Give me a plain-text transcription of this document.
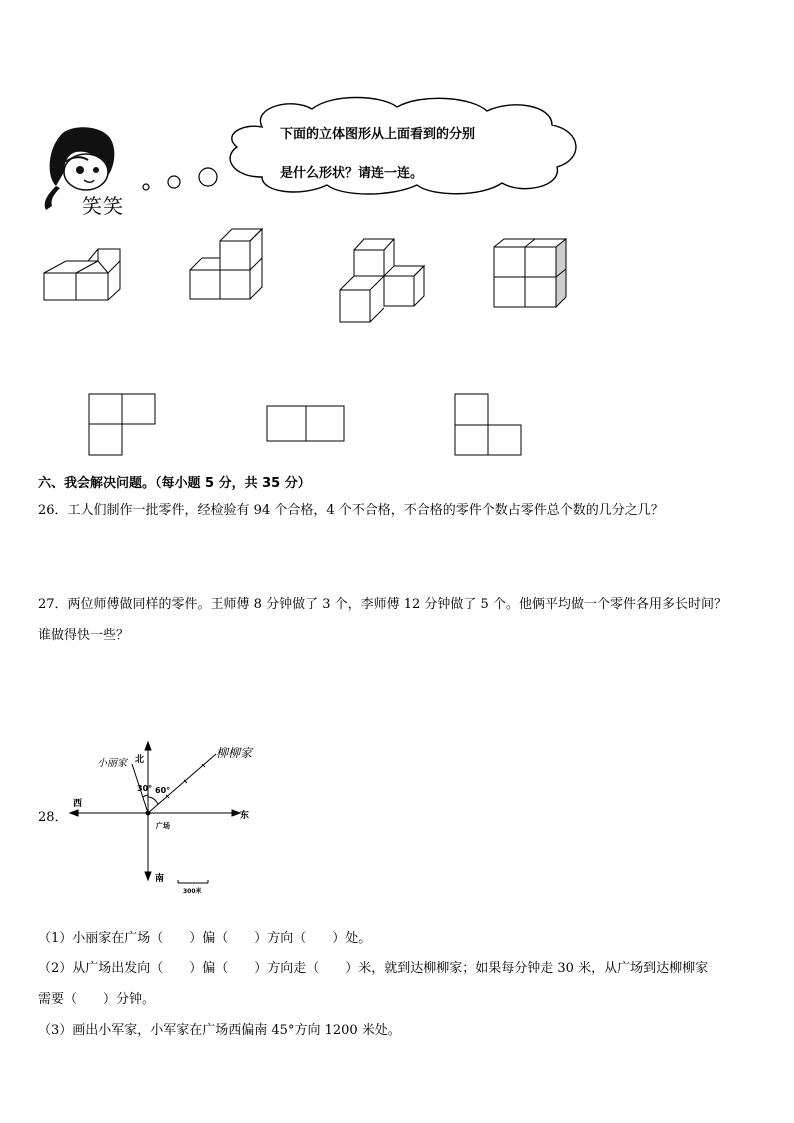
笑笑
下面的立体图形从上面看到的分别
是什么形状？请连一连。
六、我会解决问题。（每小题 5 分，共 35 分）
26．工人们制作一批零件，经检验有 94 个合格，4 个不合格，不合格的零件个数占零件总个数的几分之几？
27．两位师傅做同样的零件。王师傅 8 分钟做了 3 个，李师傅 12 分钟做了 5 个。他俩平均做一个零件各用多长时间？
谁做得快一些？
28．
北
南
东
西
广场
小丽家
柳柳家
30° 60°
300米
（1）小丽家在广场（　　）偏（　　）方向（　　）处。
（2）从广场出发向（　　）偏（　　）方向走（　　）米，就到达柳柳家；如果每分钟走 30 米，从广场到达柳柳家
需要（　　）分钟。
（3）画出小军家，小军家在广场西偏南 45°方向 1200 米处。
